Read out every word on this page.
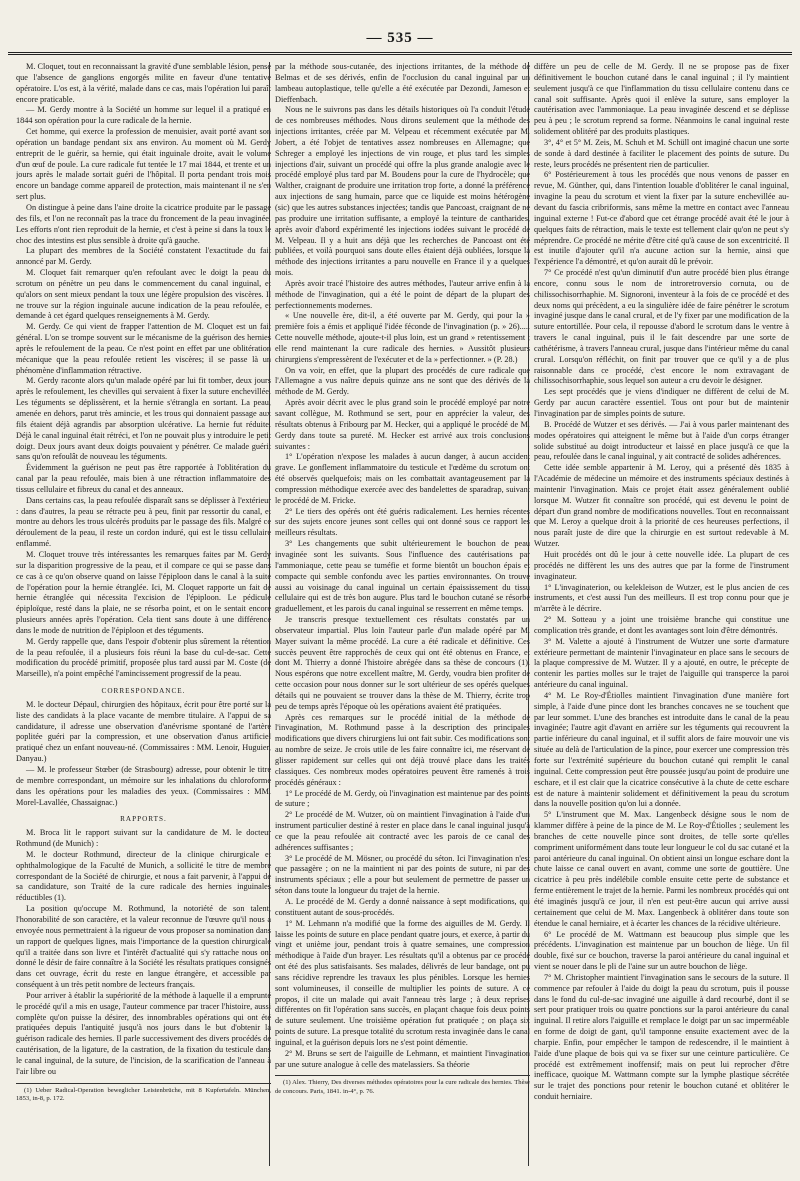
— 535 —

M. Cloquet, tout en reconnaissant la gravité d'une semblable lésion, pense que l'absence de ganglions engorgés milite en faveur d'une tentative opératoire. L'os est, à la vérité, malade dans ce cas, mais l'opération lui paraît encore praticable.

— M. Gerdy montre à la Société un homme sur lequel il a pratiqué en 1844 son opération pour la cure radicale de la hernie.

Cet homme, qui exerce la profession de menuisier, avait porté avant son opération un bandage pendant six ans environ. Au moment où M. Gerdy entreprit de le guérir, sa hernie, qui était inguinale droite, avait le volume d'un œuf de poule. La cure radicale fut tentée le 17 mai 1844, et trente et un jours après le malade sortait guéri de l'hôpital. Il porta pendant trois mois encore un bandage comme appareil de protection, mais maintenant il ne s'en sert plus.

On distingue à peine dans l'aine droite la cicatrice produite par le passage des fils, et l'on ne reconnaît pas la trace du froncement de la peau invaginée. Les efforts n'ont rien reproduit de la hernie, et c'est à peine si dans la toux le choc des intestins est plus sensible à droite qu'à gauche.

La plupart des membres de la Société constatent l'exactitude du fait annoncé par M. Gerdy.

M. Cloquet fait remarquer qu'en refoulant avec le doigt la peau du scrotum on pénètre un peu dans le commencement du canal inguinal, et qu'alors on sent mieux pendant la toux une légère propulsion des viscères. Il ne trouve sur la région inguinale aucune indication de la peau refoulée, et demande à cet égard quelques renseignements à M. Gerdy.

M. Gerdy. Ce qui vient de frapper l'attention de M. Cloquet est un fait général. L'on se trompe souvent sur le mécanisme de la guérison des hernies après le refoulement de la peau. Ce n'est point en effet par une oblitération mécanique que la peau refoulée retient les viscères; il se passe là un phénomène d'inflammation rétractive.

M. Gerdy raconte alors qu'un malade opéré par lui fit tomber, deux jours après le refoulement, les chevilles qui servaient à fixer la suture enchevillée. Les téguments se déplissèrent, et la hernie s'étrangla en sortant. La peau, amenée en dehors, parut très amincie, et les trous qui donnaient passage aux fils étaient déjà agrandis par absorption ulcérative. La hernie fut réduite. Déjà le canal inguinal était rétréci, et l'on ne pouvait plus y introduire le petit doigt. Deux jours avant deux doigts pouvaient y pénétrer. Ce malade guérit sans qu'on refoulât de nouveau les téguments.

Évidemment la guérison ne peut pas être rapportée à l'oblitération du canal par la peau refoulée, mais bien à une rétraction inflammatoire des tissus cellulaire et fibreux du canal et des anneaux.

Dans certains cas, la peau refoulée disparaît sans se déplisser à l'extérieur : dans d'autres, la peau se rétracte peu à peu, finit par ressortir du canal, et montre au dehors les trous ulcérés produits par le passage des fils. Malgré ce déroulement de la peau, il reste un cordon induré, qui est le tissu cellulaire enflammé.

M. Cloquet trouve très intéressantes les remarques faites par M. Gerdy sur la disparition progressive de la peau, et il compare ce qui se passe dans ce cas à ce qu'on observe quand on laisse l'épiploon dans le canal à la suite de l'opération pour la hernie étranglée. Ici, M. Cloquet rapporte un fait de hernie étranglée qui nécessita l'excision de l'épiploon. Le pédicule épiploïque, resté dans la plaie, ne se résorba point, et on le sentait encore plusieurs années après l'opération. Cela tient sans doute à une différence dans le mode de nutrition de l'épiploon et des téguments.

M. Gerdy rappelle que, dans l'espoir d'obtenir plus sûrement la rétention de la peau refoulée, il a plusieurs fois réuni la base du cul-de-sac. Cette modification du procédé primitif, proposée plus tard aussi par M. Coste (de Marseille), n'a point empêché l'amincissement progressif de la peau.

CORRESPONDANCE.

M. le docteur Dépaul, chirurgien des hôpitaux, écrit pour être porté sur la liste des candidats à la place vacante de membre titulaire. A l'appui de sa candidature, il adresse une observation d'anévrisme spontané de l'artère poplitée guéri par la compression, et une observation d'anus artificiel pratiqué chez un enfant nouveau-né. (Commissaires : MM. Lenoir, Huguier, Danyau.)

— M. le professeur Stœber (de Strasbourg) adresse, pour obtenir le titre de membre correspondant, un mémoire sur les inhalations du chloroforme dans les opérations pour les maladies des yeux. (Commissaires : MM. Morel-Lavallée, Chassaignac.)

RAPPORTS.

M. Broca lit le rapport suivant sur la candidature de M. le docteur Rothmund (de Munich) :

M. le docteur Rothmund, directeur de la clinique chirurgicale et ophthalmologique de la Faculté de Munich, a sollicité le titre de membre correspondant de la Société de chirurgie, et nous a fait parvenir, à l'appui de sa candidature, son Traité de la cure radicale des hernies inguinales réductibles (1).

La position qu'occupe M. Rothmund, la notoriété de son talent, l'honorabilité de son caractère, et la valeur reconnue de l'œuvre qu'il nous a envoyée nous permettraient à la rigueur de vous proposer sa nomination dans un rapport de quelques lignes, mais l'importance de la question chirurgicale qu'il a traitée dans son livre et l'intérêt d'actualité qui s'y rattache nous ont donné le désir de faire connaître à la Société les résultats pratiques consignés dans cet ouvrage, écrit du reste en langue étrangère, et accessible par conséquent à un très petit nombre de lecteurs français.

Pour arriver à établir la supériorité de la méthode à laquelle il a emprunté le procédé qu'il a mis en usage, l'auteur commence par tracer l'histoire, aussi complète qu'on puisse la désirer, des innombrables opérations qui ont été pratiquées depuis l'antiquité jusqu'à nos jours dans le but d'obtenir la guérison radicale des hernies. Il parle successivement des divers procédés de cautérisation, de la ligature, de la castration, de la fixation du testicule dans le canal inguinal, de la suture, de l'incision, de la scarification de l'anneau à l'air libre ou

(1) Ueber Radical-Operation beweglicher Leistenbrüche, mit 8 Kupfertafeln. München, 1853, in-8, p. 172.

par la méthode sous-cutanée, des injections irritantes, de la méthode de Belmas et de ses dérivés, enfin de l'occlusion du canal inguinal par un lambeau autoplastique, telle qu'elle a été exécutée par Dezondi, Jameson et Dieffenbach.

Nous ne le suivrons pas dans les détails historiques où l'a conduit l'étude de ces nombreuses méthodes. Nous dirons seulement que la méthode des injections irritantes, créée par M. Velpeau et récemment exécutée par M. Jobert, a été l'objet de tentatives assez nombreuses en Allemagne; que Schreger a employé les injections de vin rouge, et plus tard les simples injections d'air, suivant un procédé qui offre la plus grande analogie avec le procédé employé plus tard par M. Boudens pour la cure de l'hydrocèle; que Walther, craignant de produire une irritation trop forte, a donné la préférence aux injections de sang humain, parce que ce liquide est moins hétérogène (sic) que les autres substances injectées; tandis que Pancoast, craignant de ne pas produire une irritation suffisante, a employé la teinture de cantharides, après avoir d'abord expérimenté les injections iodées suivant le procédé de M. Velpeau. Il y a huit ans déjà que les recherches de Pancoast ont été publiées, et voilà pourquoi sans doute elles étaient déjà oubliées, lorsque la méthode des injections irritantes a paru nouvelle en France il y a quelques mois.

Après avoir tracé l'histoire des autres méthodes, l'auteur arrive enfin à la méthode de l'invagination, qui a été le point de départ de la plupart des perfectionnements modernes.

« Une nouvelle ère, dit-il, a été ouverte par M. Gerdy, qui pour la » première fois a émis et appliqué l'idée féconde de l'invagination (p. » 26)..... Cette nouvelle méthode, ajoute-t-il plus loin, est un grand » retentissement ; elle rend maintenant la cure radicale des hernies. » Aussitôt plusieurs chirurgiens s'empressèrent de l'exécuter et de la » perfectionner. » (P. 28.)

On va voir, en effet, que la plupart des procédés de cure radicale que l'Allemagne a vus naître depuis quinze ans ne sont que des dérivés de la méthode de M. Gerdy.

Après avoir décrit avec le plus grand soin le procédé employé par notre savant collègue, M. Rothmund se sert, pour en apprécier la valeur, des résultats obtenus à Fribourg par M. Hecker, qui a appliqué le procédé de M. Gerdy dans toute sa pureté. M. Hecker est arrivé aux trois conclusions suivantes :

1° L'opération n'expose les malades à aucun danger, à aucun accident grave. Le gonflement inflammatoire du testicule et l'œdème du scrotum ont été observés quelquefois; mais on les combattait avantageusement par la compression méthodique exercée avec des bandelettes de sparadrap, suivant le procédé de M. Fricke.

2° Le tiers des opérés ont été guéris radicalement. Les hernies récentes sur des sujets encore jeunes sont celles qui ont donné sous ce rapport les meilleurs résultats.

3° Les changements que subit ultérieurement le bouchon de peau invaginée sont les suivants. Sous l'influence des cautérisations par l'ammoniaque, cette peau se tuméfie et forme bientôt un bouchon épais et compacte qui semble confondu avec les parties environnantes. On trouve aussi au voisinage du canal inguinal un certain épaississement du tissu cellulaire qui est de très bon augure. Plus tard le bouchon cutané se résorbe graduellement, et les parois du canal inguinal se resserrent en même temps.

Je transcris presque textuellement ces résultats constatés par un observateur impartial. Plus loin l'auteur parle d'un malade opéré par M. Mayer suivant la même procédé. La cure a été radicale et définitive. Ces succès peuvent être rapprochés de ceux qui ont été obtenus en France, et dont M. Thierry a donné l'histoire abrégée dans sa thèse de concours (1). Nous espérons que notre excellent maître, M. Gerdy, voudra bien profiter de cette occasion pour nous donner sur le sort ultérieur de ses opérés quelques détails qui ne pouvaient se trouver dans la thèse de M. Thierry, écrite trop peu de temps après l'époque où les opérations avaient été pratiquées.

Après ces remarques sur le procédé initial de la méthode de l'invagination, M. Rothmund passe à la description des principales modifications que divers chirurgiens lui ont fait subir. Ces modifications sont au nombre de seize. Je crois utile de les faire connaître ici, me réservant de glisser rapidement sur celles qui ont déjà trouvé place dans les traités classiques. Ces nombreux modes opératoires peuvent être ramenés à trois procédés généraux :

1° Le procédé de M. Gerdy, où l'invagination est maintenue par des points de suture ;

2° Le procédé de M. Wutzer, où on maintient l'invagination à l'aide d'un instrument particulier destiné à rester en place dans le canal inguinal jusqu'à ce que la peau refoulée ait contracté avec les parois de ce canal des adhérences suffisantes ;

3° Le procédé de M. Mösner, ou procédé du séton. Ici l'invagination n'est que passagère ; on ne la maintient ni par des points de suture, ni par des instruments spéciaux ; elle a pour but seulement de permettre de passer un séton dans toute la longueur du trajet de la hernie.

A. Le procédé de M. Gerdy a donné naissance à sept modifications, qui constituent autant de sous-procédés.

1° M. Lehmann n'a modifié que la forme des aiguilles de M. Gerdy. Il laisse les points de suture en place pendant quatre jours, et exerce, à partir du vingt et unième jour, pendant trois à quatre semaines, une compression méthodique à l'aide d'un brayer. Les résultats qu'il a obtenus par ce procédé ont été des plus satisfaisants. Ses malades, délivrés de leur bandage, ont pu sans récidive reprendre les travaux les plus pénibles. Lorsque les hernies sont volumineuses, il conseille de multiplier les points de suture. A ce propos, il cite un malade qui avait l'anneau très large ; à deux reprises différentes on fit l'opération sans succès, en plaçant chaque fois deux points de suture seulement. Une troisième opération fut pratiquée ; on plaça six points de suture. La presque totalité du scrotum resta invaginée dans le canal inguinal, et la guérison depuis lors ne s'est point démentie.

2° M. Bruns se sert de l'aiguille de Lehmann, et maintient l'invagination par une suture analogue à celle des matelassiers. Sa théorie

(1) Alex. Thierry, Des diverses méthodes opératoires pour la cure radicale des hernies. Thèse de concours. Paris, 1841. in-4°, p. 76.

diffère un peu de celle de M. Gerdy. Il ne se propose pas de fixer définitivement le bouchon cutané dans le canal inguinal ; il l'y maintient seulement jusqu'à ce que l'inflammation du tissu cellulaire contenu dans ce canal soit suffisante. Après quoi il enlève la suture, sans employer la cautérisation avec l'ammoniaque. La peau invaginée descend et se déplisse peu à peu ; le scrotum reprend sa forme. Néanmoins le canal inguinal reste solidement oblitéré par des produits plastiques.

3°, 4° et 5° M. Zeis, M. Schuh et M. Schüll ont imaginé chacun une sorte de sonde à dard destinée à faciliter le placement des points de suture. Du reste, leurs procédés ne présentent rien de particulier.

6° Postérieurement à tous les procédés que nous venons de passer en revue, M. Günther, qui, dans l'intention louable d'oblitérer le canal inguinal, invagine la peau du scrotum et vient la fixer par la suture enchevillée au-devant du fascia cribriformis, sans même la mettre en contact avec l'anneau inguinal externe ! Fut-ce d'abord que cet étrange procédé avait été le jour à quelques faits de rétraction, mais le texte est tellement clair qu'on ne peut s'y méprendre. Ce procédé ne mérite d'être cité qu'à cause de son excentricité. Il est inutile d'ajouter qu'il n'a aucune action sur la hernie, ainsi que l'expérience l'a démontré, et qu'on aurait dû le prévoir.

7° Ce procédé n'est qu'un diminutif d'un autre procédé bien plus étrange encore, connu sous le nom de introretroversio cornuta, ou de chilissochisorrhaphie. M. Signoroni, inventeur à la fois de ce procédé et des deux noms qui précèdent, a eu la singulière idée de faire pénétrer le scrotum invaginé jusque dans le canal crural, et de l'y fixer par une modification de la suture entortillée. Pour cela, il repousse d'abord le scrotum dans le ventre à travers le canal inguinal, puis il le fait descendre par une sorte de cathétérisme, à travers l'anneau crural, jusque dans l'intérieur même du canal crural. Lorsqu'on réfléchit, on finit par trouver que ce qu'il y a de plus raisonnable dans ce procédé, c'est encore le nom extravagant de chilissochisorrhaphie, sous lequel son auteur a cru devoir le désigner.

Les sept procédés que je viens d'indiquer ne diffèrent de celui de M. Gerdy par aucun caractère essentiel. Tous ont pour but de maintenir l'invagination par de simples points de suture.

B. Procédé de Wutzer et ses dérivés. — J'ai à vous parler maintenant des modes opératoires qui atteignent le même but à l'aide d'un corps étranger solide substitué au doigt introducteur et laissé en place jusqu'à ce que la peau, refoulée dans le canal inguinal, y ait contracté de solides adhérences.

Cette idée semble appartenir à M. Leroy, qui a présenté dès 1835 à l'Académie de médecine un mémoire et des instruments spéciaux destinés à maintenir l'invagination. Mais ce projet était assez généralement oublié lorsque M. Wutzer fit connaître son procédé, qui est devenu le point de départ d'un grand nombre de modifications nouvelles. Tout en reconnaissant que M. Leroy a quelque droit à la priorité de ces heureuses perfections, il nous paraît juste de dire que la chirurgie en est surtout redevable à M. Wutzer.

Huit procédés ont dû le jour à cette nouvelle idée. La plupart de ces procédés ne diffèrent les uns des autres que par la forme de l'instrument invaginateur.

1° L'invaginaterion, ou kelekleison de Wutzer, est le plus ancien de ces instruments, et c'est aussi l'un des meilleurs. Il est trop connu pour que je m'arrête à le décrire.

2° M. Sotteau y a joint une troisième branche qui constitue une complication très grande, et dont les avantages sont loin d'être démontrés.

3° M. Valette a ajouté à l'instrument de Wutzer une sorte d'armature extérieure permettant de maintenir l'invaginateur en place sans le secours de la plaque compressive de M. Wutzer. Il y a ajouté, en outre, le précepte de contenir les parties molles sur le trajet de l'aiguille qui transperce la paroi antérieure du canal inguinal.

4° M. Le Roy-d'Étiolles maintient l'invagination d'une manière fort simple, à l'aide d'une pince dont les branches concaves ne se touchent que par leur sommet. L'une des branches est introduite dans le canal de la peau invaginée; l'autre agit d'avant en arrière sur les téguments qui recouvrent la partie inférieure du canal inguinal, et il suffit alors de faire mouvoir une vis située au delà de l'articulation de la pince, pour exercer une compression très forte sur l'extrémité supérieure du bouchon cutané qui remplit le canal inguinal. Cette compression peut être poussée jusqu'au point de produire une eschare, et il est clair que la cicatrice consécutive à la chute de cette eschare est de nature à maintenir solidement et définitivement la peau du scrotum dans la nouvelle position qu'on lui a donnée.

5° L'instrument que M. Max. Langenbeck désigne sous le nom de klammer diffère à peine de la pince de M. Le Roy-d'Étiolles ; seulement les branches de cette nouvelle pince sont droites, de telle sorte qu'elles compriment uniformément dans toute leur longueur le col du sac cutané et la paroi antérieure du canal inguinal. On obtient ainsi un longue eschare dont la chute laisse ce canal ouvert en avant, comme une sorte de gouttière. Une cicatrice à peu près indélébile comble ensuite cette perte de substance et ferme entièrement le trajet de la hernie. Parmi les nombreux procédés qui ont été imaginés jusqu'à ce jour, il n'en est peut-être aucun qui arrive aussi certainement que celui de M. Max. Langenbeck à oblitérer dans toute son étendue le canal herniaire, et à écarter les chances de la récidive ultérieure.

6° Le procédé de M. Wattmann est beaucoup plus simple que les précédents. L'invagination est maintenue par un bouchon de liège. Un fil double, fixé sur ce bouchon, traverse la paroi antérieure du canal inguinal et vient se nouer dans le pli de l'aine sur un autre bouchon de liège.

7° M. Christopher maintient l'invagination sans le secours de la suture. Il commence par refouler à l'aide du doigt la peau du scrotum, puis il pousse dans le fond du cul-de-sac invaginé une aiguille à dard recourbé, dont il se sert pour pratiquer trois ou quatre ponctions sur la paroi antérieure du canal inguinal. Il retire alors l'aiguille et remplace le doigt par un sac imperméable en forme de doigt de gant, qu'il tamponne ensuite exactement avec de la charpie. Enfin, pour empêcher le tampon de redescendre, il le maintient à l'aide d'une plaque de bois qui va se fixer sur une ceinture particulière. Ce procédé est extrêmement inoffensif; mais on peut lui reprocher d'être inefficace, quoique M. Wattmann compte sur la lymphe plastique sécrétée sur le trajet des ponctions pour retenir le bouchon cutané et oblitérer le conduit herniaire.
